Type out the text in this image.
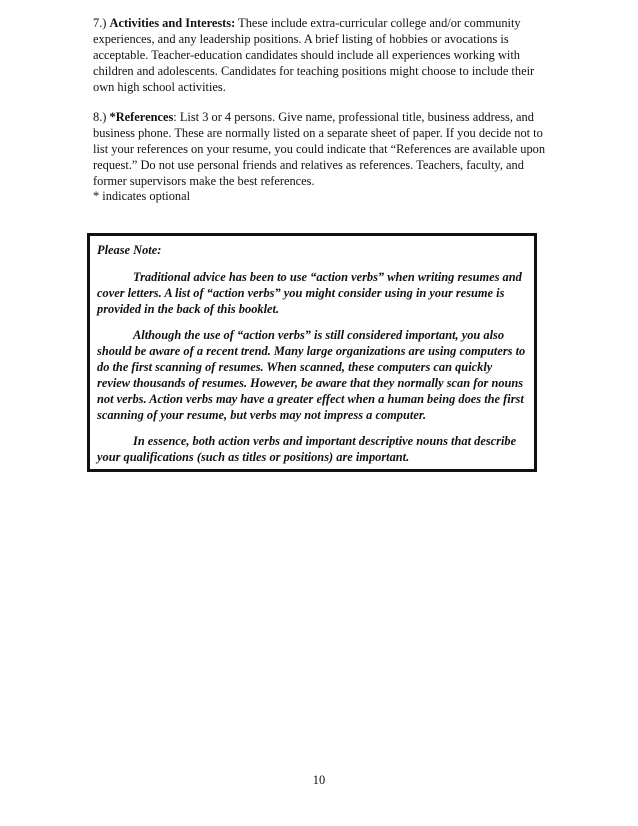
7.) Activities and Interests: These include extra-curricular college and/or community experiences, and any leadership positions. A brief listing of hobbies or avocations is acceptable. Teacher-education candidates should include all experiences working with children and adolescents. Candidates for teaching positions might choose to include their own high school activities.

8.) *References: List 3 or 4 persons. Give name, professional title, business address, and business phone. These are normally listed on a separate sheet of paper. If you decide not to list your references on your resume, you could indicate that “References are available upon request.” Do not use personal friends and relatives as references. Teachers, faculty, and former supervisors make the best references.

* indicates optional

Please Note:

Traditional advice has been to use “action verbs” when writing resumes and cover letters. A list of “action verbs” you might consider using in your resume is provided in the back of this booklet.

Although the use of “action verbs” is still considered important, you also should be aware of a recent trend. Many large organizations are using computers to do the first scanning of resumes. When scanned, these computers can quickly review thousands of resumes. However, be aware that they normally scan for nouns not verbs. Action verbs may have a greater effect when a human being does the first scanning of your resume, but verbs may not impress a computer.

In essence, both action verbs and important descriptive nouns that describe your qualifications (such as titles or positions) are important.

10
